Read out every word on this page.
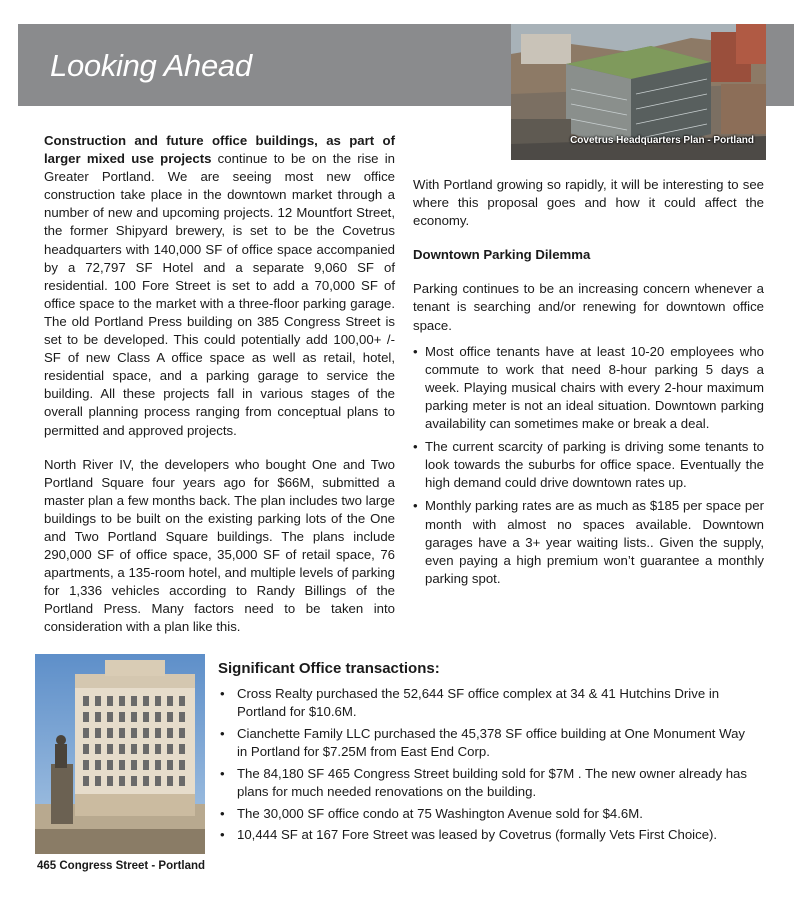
Looking Ahead
Covetrus Headquarters Plan - Portland

Construction and future office buildings, as part of larger mixed use projects continue to be on the rise in Greater Portland. We are seeing most new office construction take place in the downtown market through a number of new and upcoming projects. 12 Mountfort Street, the former Shipyard brewery, is set to be the Covetrus headquarters with 140,000 SF of office space accompanied by a 72,797 SF Hotel and a separate 9,060 SF of residential. 100 Fore Street is set to add a 70,000 SF of office space to the market with a three-floor parking garage. The old Portland Press building on 385 Congress Street is set to be developed. This could potentially add 100,00+ /- SF of new Class A office space as well as retail, hotel, residential space, and a parking garage to service the building. All these projects fall in various stages of the overall planning process ranging from conceptual plans to permitted and approved projects.

North River IV, the developers who bought One and Two Portland Square four years ago for $66M, submitted a master plan a few months back. The plan includes two large buildings to be built on the existing parking lots of the One and Two Portland Square buildings. The plans include 290,000 SF of office space, 35,000 SF of retail space, 76 apartments, a 135-room hotel, and multiple levels of parking for 1,336 vehicles according to Randy Billings of the Portland Press. Many factors need to be taken into consideration with a plan like this.

With Portland growing so rapidly, it will be interesting to see where this proposal goes and how it could affect the economy.

Downtown Parking Dilemma

Parking continues to be an increasing concern whenever a tenant is searching and/or renewing for downtown office space.

• Most office tenants have at least 10-20 employees who commute to work that need 8-hour parking 5 days a week. Playing musical chairs with every 2-hour maximum parking meter is not an ideal situation. Downtown parking availability can sometimes make or break a deal.
• The current scarcity of parking is driving some tenants to look towards the suburbs for office space. Eventually the high demand could drive downtown rates up.
• Monthly parking rates are as much as $185 per space per month with almost no spaces available. Downtown garages have a 3+ year waiting lists.. Given the supply, even paying a high premium won’t guarantee a monthly parking spot.
465 Congress Street - Portland
Significant Office transactions:
• Cross Realty purchased the 52,644 SF office complex at 34 & 41 Hutchins Drive in Portland for $10.6M.
• Cianchette Family LLC purchased the 45,378 SF office building at One Monument Way in Portland for $7.25M from East End Corp.
• The 84,180 SF 465 Congress Street building sold for $7M . The new owner already has plans for much needed renovations on the building.
• The 30,000 SF office condo at 75 Washington Avenue sold for $4.6M.
• 10,444 SF at 167 Fore Street was leased by Covetrus (formally Vets First Choice).
